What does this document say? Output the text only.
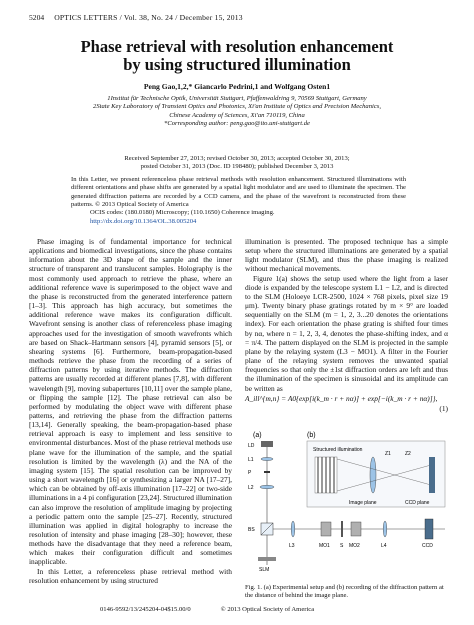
5204 OPTICS LETTERS / Vol. 38, No. 24 / December 15, 2013
Phase retrieval with resolution enhancement
by using structured illumination
Peng Gao,1,2,* Giancarlo Pedrini,1 and Wolfgang Osten1
1Institut für Technische Optik, Universität Stuttgart, Pfaffenwaldring 9, 70569 Stuttgart, Germany
2State Key Laboratory of Transient Optics and Photonics, Xi'an Institute of Optics and Precision Mechanics,
Chinese Academy of Sciences, Xi'an 710119, China
*Corresponding author: peng.gao@ito.uni-stuttgart.de
Received September 27, 2013; revised October 30, 2013; accepted October 30, 2013;
posted October 31, 2013 (Doc. ID 198480); published December 3, 2013
In this Letter, we present referenceless phase retrieval methods with resolution enhancement. Structured illuminations with different orientations and phase shifts are generated by a spatial light modulator and are used to illuminate the specimen. The generated diffraction patterns are recorded by a CCD camera, and the phase of the wavefront is reconstructed from these patterns. © 2013 Optical Society of America
OCIS codes: (180.0180) Microscopy; (110.1650) Coherence imaging.
http://dx.doi.org/10.1364/OL.38.005204
Phase imaging is of fundamental importance for technical applications and biomedical investigations, since the phase contains information about the 3D shape of the sample and the inner structure of transparent and translucent samples. Holography is the most commonly used approach to retrieve the phase, where an additional reference wave is superimposed to the object wave and the phase is reconstructed from the generated interference pattern [1–3]. This approach has high accuracy, but sometimes the additional reference wave makes its configuration difficult. Wavefront sensing is another class of referenceless phase imaging approaches used for the investigation of smooth wavefronts which are based on Shack–Hartmann sensors [4], pyramid sensors [5], or shearing systems [6]. Furthermore, beam-propagation-based methods retrieve the phase from the recording of a series of diffraction patterns by using iterative methods. The diffraction patterns are usually recorded at different planes [7,8], with different wavelength [9], moving subapertures [10,11] over the sample plane, or flipping the sample [12]. The phase retrieval can also be performed by modulating the object wave with different phase patterns, and retrieving the phase from the diffraction patterns [13,14]. Generally speaking, the beam-propagation-based phase retrieval approach is easy to implement and less sensitive to environmental disturbances. Most of the phase retrieval methods use plane wave for the illumination of the sample, and the spatial resolution is limited by the wavelength (λ) and the NA of the imaging system [15]. The spatial resolution can be improved by using a short wavelength [16] or synthesizing a larger NA [17–27], which can be obtained by off-axis illumination [17–22] or two-side illuminations in a 4 pi configuration [23,24]. Structured illumination can also improve the resolution of amplitude imaging by projecting a periodic pattern onto the sample [25–27]. Recently, structured illumination was applied in digital holography to increase the resolution of intensity and phase imaging [28–30]; however, these methods have the disadvantage that they need a reference beam, which makes their configuration difficult and sometimes inapplicable.
In this Letter, a referenceless phase retrieval method with resolution enhancement by using structured
illumination is presented. The proposed technique has a simple setup where the structured illuminations are generated by a spatial light modulator (SLM), and thus the phase imaging is realized without mechanical movements.
Figure 1(a) shows the setup used where the light from a laser diode is expanded by the telescope system L1 − L2, and is directed to the SLM (Holoeye LCR-2500, 1024 × 768 pixels, pixel size 19 μm). Twenty binary phase gratings rotated by m × 9° are loaded sequentially on the SLM (m = 1, 2, 3...20 denotes the orientations index). For each orientation the phase grating is shifted four times by nα, where n = 1, 2, 3, 4, denotes the phase-shifting index, and α = π/4. The pattern displayed on the SLM is projected in the sample plane by the relaying system (L3 − MO1). A filter in the Fourier plane of the relaying system removes the unwanted spatial frequencies so that only the ±1st diffraction orders are left and thus the illumination of the specimen is sinusoidal and its amplitude can be written as
A_ill^{m,n} = A0{exp[i(k_m · r + nα)] + exp[−i(k_m · r + nα)]},
(1)
(a)	(b)
LD
L1
P
L2
BS
SLM
L3	MO1 S MO2	L4	CCD
Structured illumination
Image plane	CCD plane
Z1	Z2
Fig. 1. (a) Experimental setup and (b) recording of the diffraction pattern at the distance of behind the image plane.
0146-9592/13/245204-04$15.00/0	© 2013 Optical Society of America
